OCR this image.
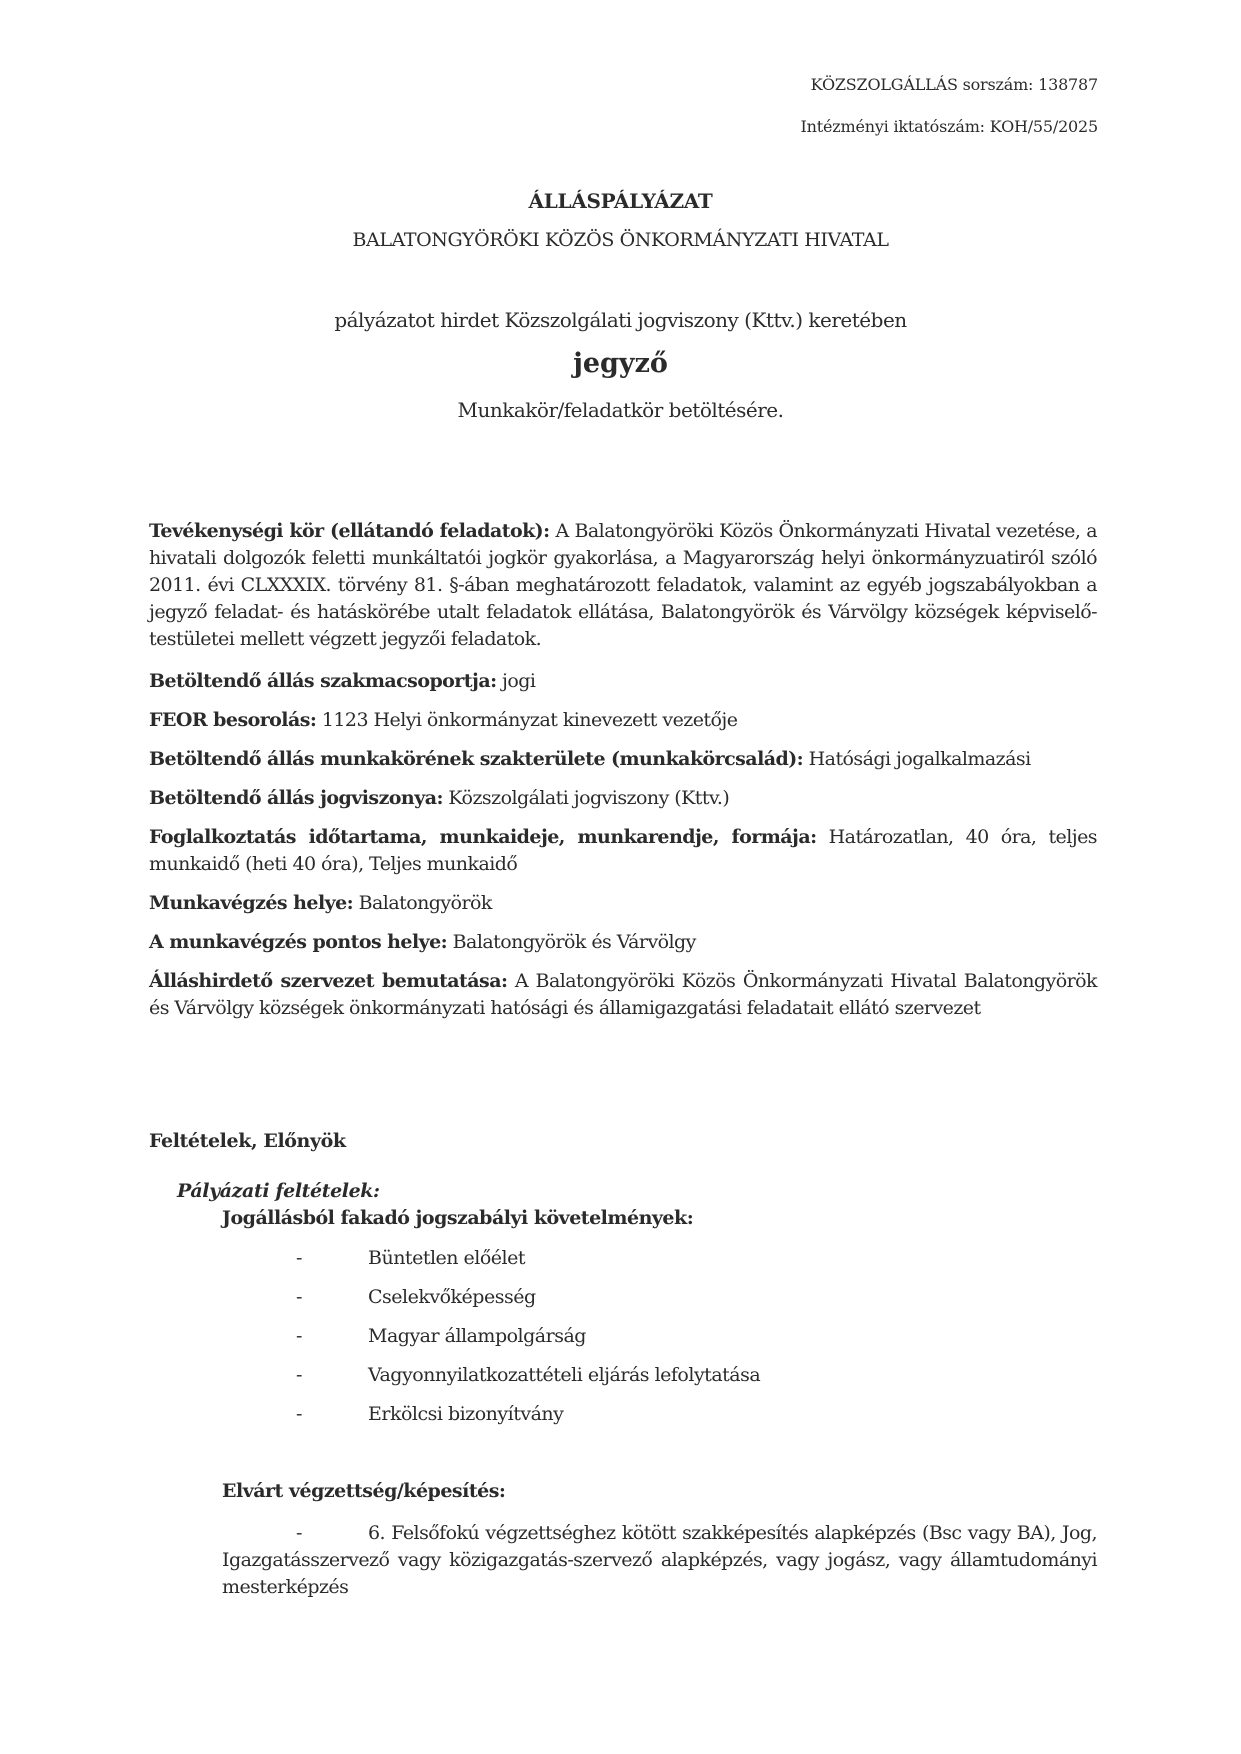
KÖZSZOLGÁLLÁS sorszám: 138787
Intézményi iktatószám: KOH/55/2025
ÁLLÁSPÁLYÁZAT
BALATONGYÖRÖKI KÖZÖS ÖNKORMÁNYZATI HIVATAL
pályázatot hirdet Közszolgálati jogviszony (Kttv.) keretében
jegyző
Munkakör/feladatkör betöltésére.
Tevékenységi kör (ellátandó feladatok): A Balatongyöröki Közös Önkormányzati Hivatal vezetése, a hivatali dolgozók feletti munkáltatói jogkör gyakorlása, a Magyarország helyi önkormányzuatiról szóló 2011. évi CLXXXIX. törvény 81. §-ában meghatározott feladatok, valamint az egyéb jogszabályokban a jegyző feladat- és hatáskörébe utalt feladatok ellátása, Balatongyörök és Várvölgy községek képviselő-testületei mellett végzett jegyzői feladatok.
Betöltendő állás szakmacsoportja: jogi
FEOR besorolás: 1123 Helyi önkormányzat kinevezett vezetője
Betöltendő állás munkakörének szakterülete (munkakörcsalád): Hatósági jogalkalmazási
Betöltendő állás jogviszonya: Közszolgálati jogviszony (Kttv.)
Foglalkoztatás időtartama, munkaideje, munkarendje, formája: Határozatlan, 40 óra, teljes munkaidő (heti 40 óra), Teljes munkaidő
Munkavégzés helye: Balatongyörök
A munkavégzés pontos helye: Balatongyörök és Várvölgy
Álláshirdető szervezet bemutatása: A Balatongyöröki Közös Önkormányzati Hivatal Balatongyörök és Várvölgy községek önkormányzati hatósági és államigazgatási feladatait ellátó szervezet
Feltételek, Előnyök
Pályázati feltételek:
Jogállásból fakadó jogszabályi követelmények:
-	Büntetlen előélet
-	Cselekvőképesség
-	Magyar állampolgárság
-	Vagyonnyilatkozattételi eljárás lefolytatása
-	Erkölcsi bizonyítvány
Elvárt végzettség/képesítés:
-	6. Felsőfokú végzettséghez kötött szakképesítés alapképzés (Bsc vagy BA), Jog, Igazgatásszervező vagy közigazgatás-szervező alapképzés, vagy jogász, vagy államtudományi mesterképzés
